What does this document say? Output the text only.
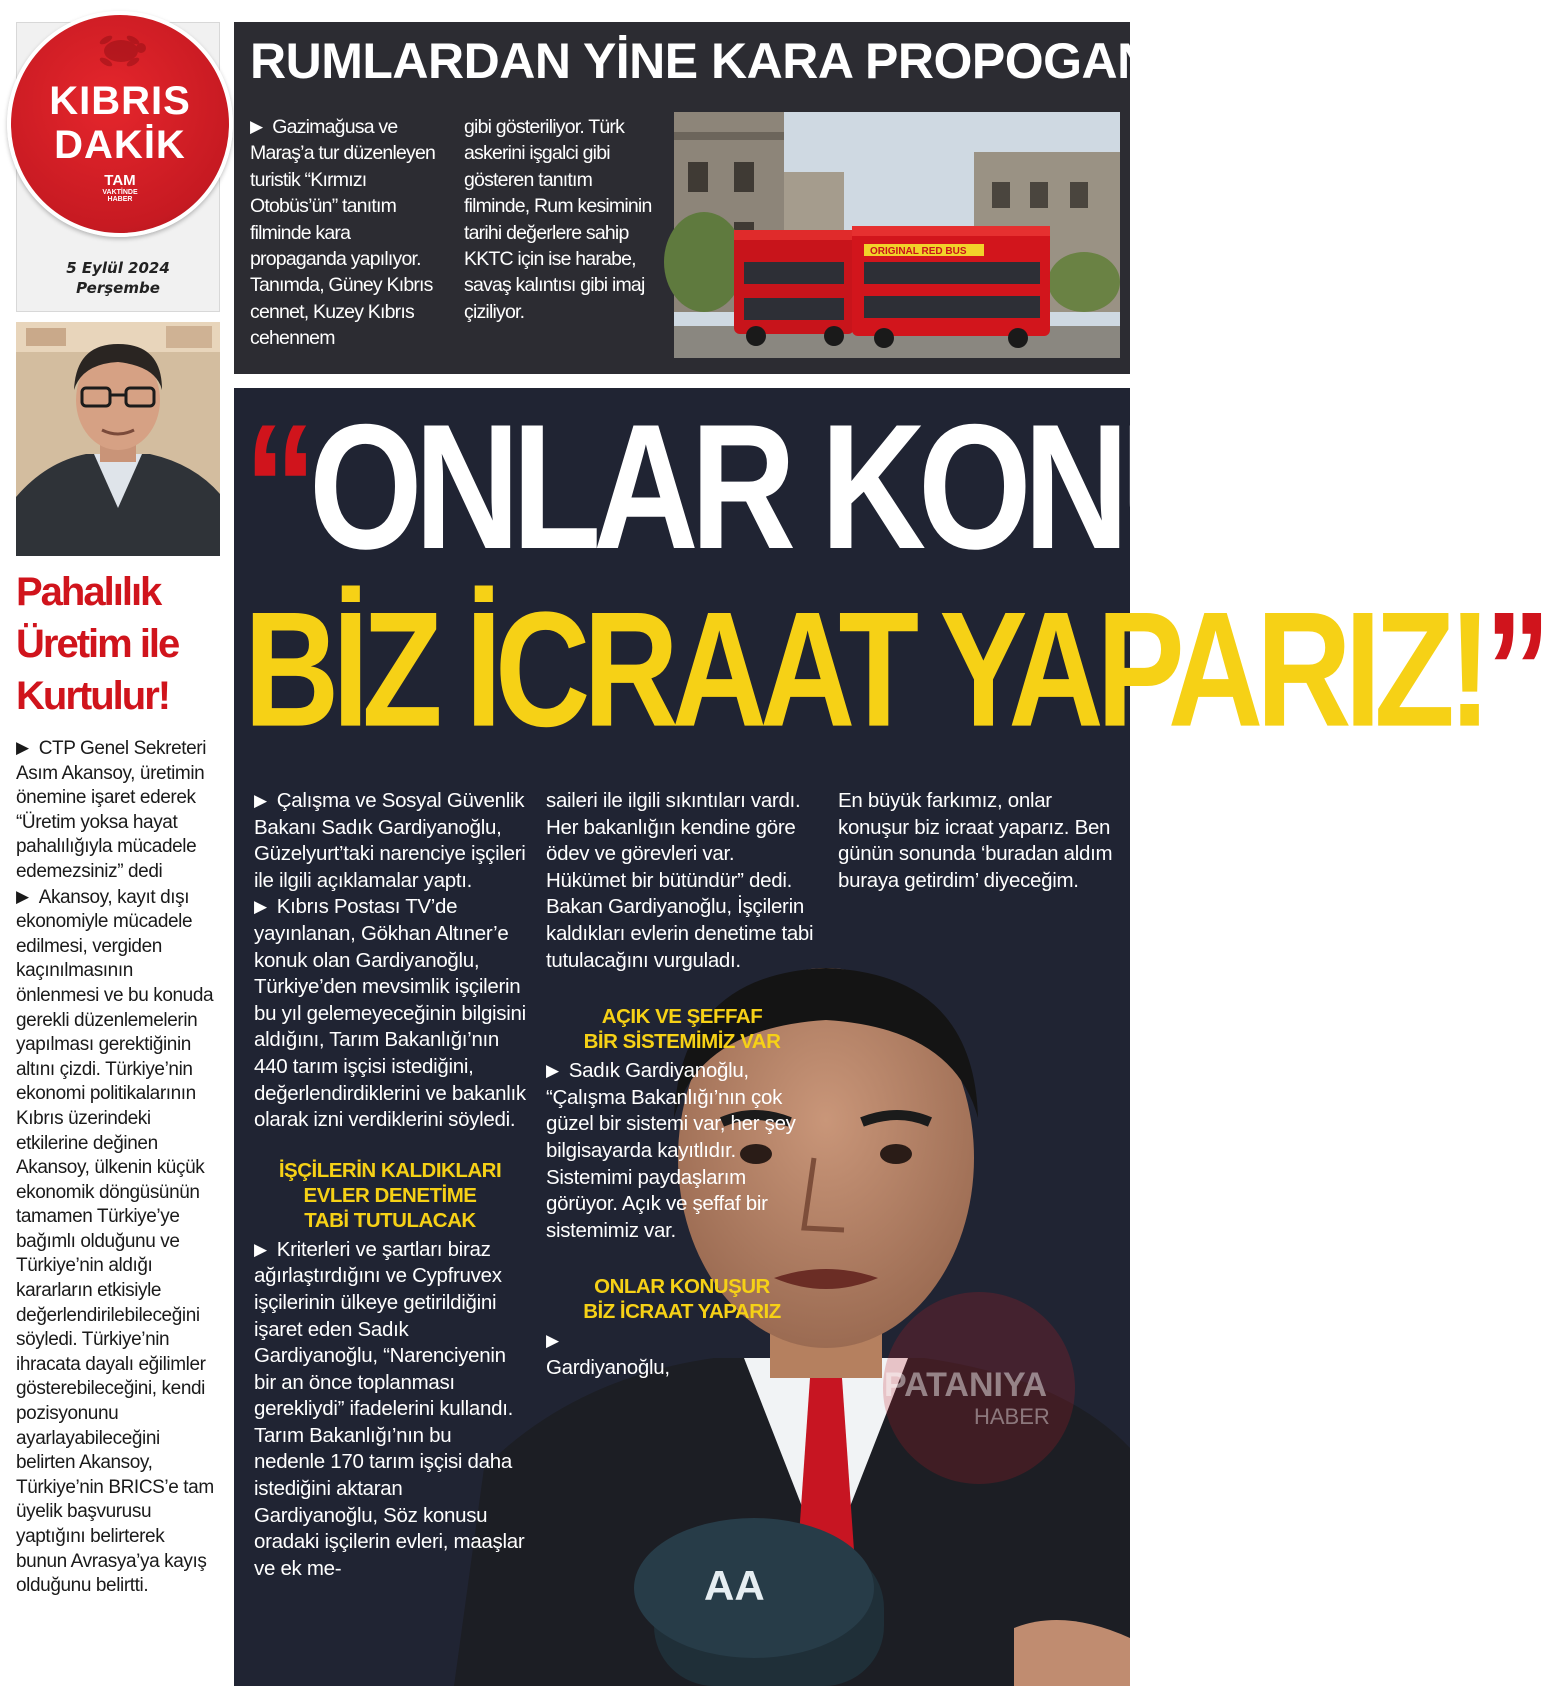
KIBRIS
DAKİK
TAM
VAKTİNDE
HABER
5 Eylül 2024
Perşembe
Pahalılık
Üretim ile
Kurtulur!

▶ CTP Genel Sekreteri Asım Akansoy, üretimin önemine işaret ederek “Üretim yoksa hayat pahalılığıyla mücadele edemezsiniz” dedi

▶ Akansoy, kayıt dışı ekonomiyle mücadele edilmesi, vergiden kaçınılmasının önlenmesi ve bu konuda gerekli düzenlemelerin yapılması gerektiğinin altını çizdi. Türkiye’nin ekonomi politikalarının Kıbrıs üzerindeki etkilerine değinen Akansoy, ülkenin küçük ekonomik döngüsünün tamamen Türkiye’ye bağımlı olduğunu ve Türkiye’nin aldığı kararların etkisiyle değerlendirilebileceğini söyledi. Türkiye’nin ihracata dayalı eğilimler gösterebileceğini, kendi pozisyonunu ayarlayabileceğini belirten Akansoy, Türkiye’nin BRICS’e tam üyelik başvurusu yaptığını belirterek bunun Avrasya’ya kayış olduğunu belirtti.

RUMLARDAN YİNE KARA PROPOGANDA
▶ Gazimağusa ve Maraş’a tur düzenleyen turistik “Kırmızı Otobüs’ün” tanıtım filminde kara propaganda yapılıyor. Tanımda, Güney Kıbrıs cennet, Kuzey Kıbrıs cehennem
gibi gösteriliyor. Türk askerini işgalci gibi gösteren tanıtım filminde, Rum kesiminin tarihi değerlere sahip KKTC için ise harabe, savaş kalıntısı gibi imaj çiziliyor.
ORIGINAL RED BUS
AA
“ONLAR KONUŞUR
BİZ İCRAAT YAPARIZ!”

▶ Çalışma ve Sosyal Güvenlik Bakanı Sadık Gardiyanoğlu, Güzelyurt’taki narenciye işçileri ile ilgili açıklamalar yaptı.

▶ Kıbrıs Postası TV’de yayınlanan, Gökhan Altıner’e konuk olan Gardiyanoğlu, Türkiye’den mevsimlik işçilerin bu yıl gelemeyeceğinin bilgisini aldığını, Tarım Bakanlığı’nın 440 tarım işçisi istediğini, değerlendirdiklerini ve bakanlık olarak izni verdiklerini söyledi.

İŞÇİLERİN KALDIKLARI
EVLER DENETİME
TABİ TUTULACAK

▶ Kriterleri ve şartları biraz ağırlaştırdığını ve Cypfruvex işçilerinin ülkeye getirildiğini işaret eden Sadık Gardiyanoğlu, “Narenciyenin bir an önce toplanması gerekliydi” ifadelerini kullandı. Tarım Bakanlığı’nın bu nedenle 170 tarım işçisi daha istediğini aktaran Gardiyanoğlu, Söz konusu oradaki işçilerin evleri, maaşlar ve ek me-

saileri ile ilgili sıkıntıları vardı. Her bakanlığın kendine göre ödev ve görevleri var. Hükümet bir bütündür” dedi. Bakan Gardiyanoğlu, İşçilerin kaldıkları evlerin denetime tabi tutulacağını vurguladı.

AÇIK VE ŞEFFAF
BİR SİSTEMİMİZ VAR

▶ Sadık Gardiyanoğlu, “Çalışma Bakanlığı’nın çok güzel bir sistemi var, her şey bilgisayarda kayıtlıdır. Sistemimi paydaşlarım görüyor. Açık ve şeffaf bir sistemimiz var.

ONLAR KONUŞUR
BİZ İCRAAT YAPARIZ

▶Gardiyanoğlu,

En büyük farkımız, onlar konuşur biz icraat yaparız. Ben günün sonunda ‘buradan aldım buraya getirdim’ diyeceğim.

PATANIYA
HABER
